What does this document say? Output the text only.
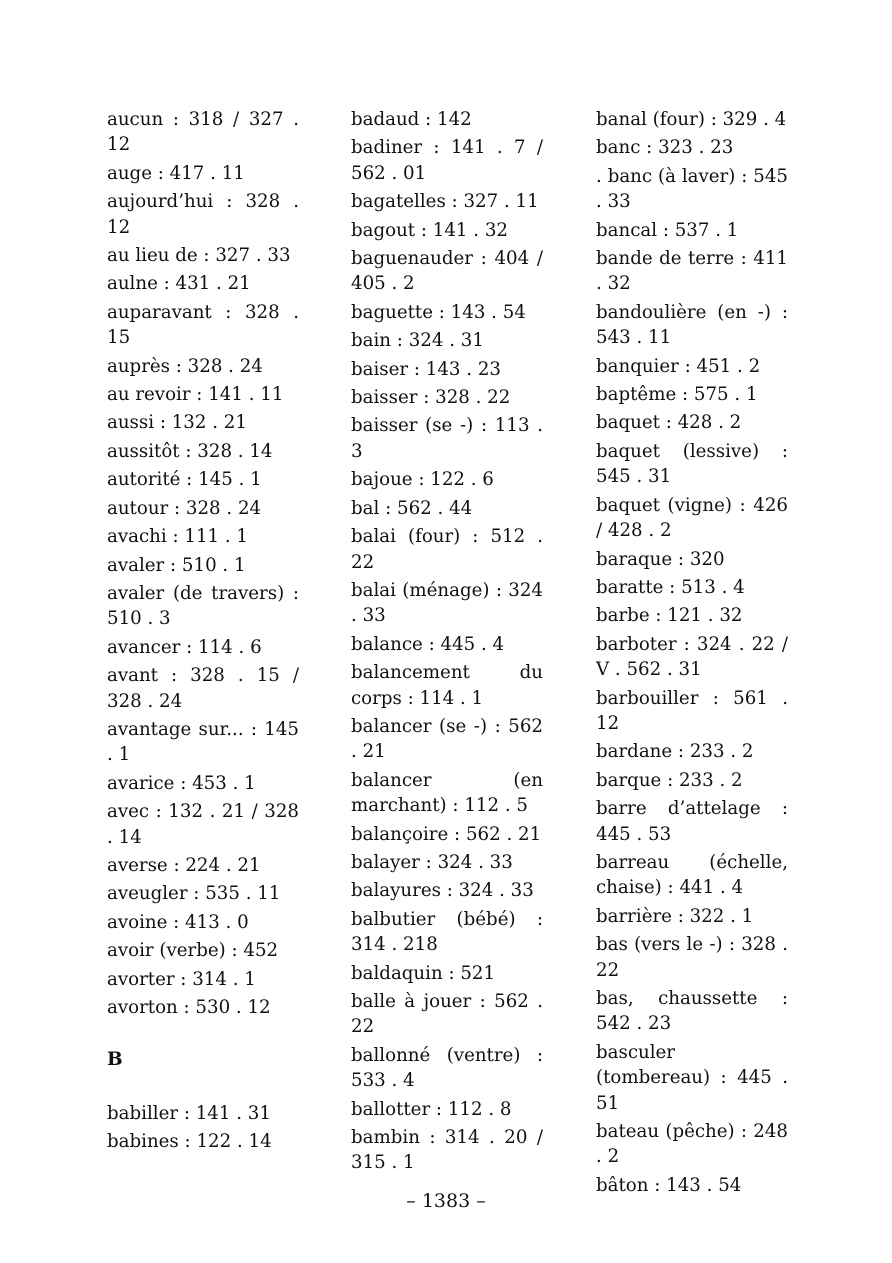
aucun : 318 / 327 . 12
auge : 417 . 11
aujourd’hui : 328 . 12
au lieu de : 327 . 33
aulne : 431 . 21
auparavant : 328 . 15
auprès : 328 . 24
au revoir : 141 . 11
aussi : 132 . 21
aussitôt : 328 . 14
autorité : 145 . 1
autour : 328 . 24
avachi : 111 . 1
avaler : 510 . 1
avaler (de travers) : 510 . 3
avancer : 114 . 6
avant : 328 . 15 / 328 . 24
avantage sur... : 145 . 1
avarice : 453 . 1
avec : 132 . 21 / 328 . 14
averse : 224 . 21
aveugler : 535 . 11
avoine : 413 . 0
avoir (verbe) : 452
avorter : 314 . 1
avorton : 530 . 12
B
babiller : 141 . 31
babines : 122 . 14
badaud : 142
badiner : 141 . 7 / 562 . 01
bagatelles : 327 . 11
bagout : 141 . 32
baguenauder : 404 / 405 . 2
baguette : 143 . 54
bain : 324 . 31
baiser : 143 . 23
baisser : 328 . 22
baisser (se -) : 113 . 3
bajoue : 122 . 6
bal : 562 . 44
balai (four) : 512 . 22
balai (ménage) : 324 . 33
balance : 445 . 4
balancement du corps : 114 . 1
balancer (se -) : 562 . 21
balancer (en marchant) : 112 . 5
balançoire : 562 . 21
balayer : 324 . 33
balayures : 324 . 33
balbutier (bébé) : 314 . 218
baldaquin : 521
balle à jouer : 562 . 22
ballonné (ventre) : 533 . 4
ballotter : 112 . 8
bambin : 314 . 20 / 315 . 1
banal (four) : 329 . 4
banc : 323 . 23
. banc (à laver) : 545 . 33
bancal : 537 . 1
bande de terre : 411 . 32
bandoulière (en -) : 543 . 11
banquier : 451 . 2
baptême : 575 . 1
baquet : 428 . 2
baquet (lessive) : 545 . 31
baquet (vigne) : 426 / 428 . 2
baraque : 320
baratte : 513 . 4
barbe : 121 . 32
barboter : 324 . 22 / V . 562 . 31
barbouiller : 561 . 12
bardane : 233 . 2
barque : 233 . 2
barre d’attelage : 445 . 53
barreau (échelle, chaise) : 441 . 4
barrière : 322 . 1
bas (vers le -) : 328 . 22
bas, chaussette : 542 . 23
basculer (tombereau) : 445 . 51
bateau (pêche) : 248 . 2
bâton : 143 . 54
– 1383 –
